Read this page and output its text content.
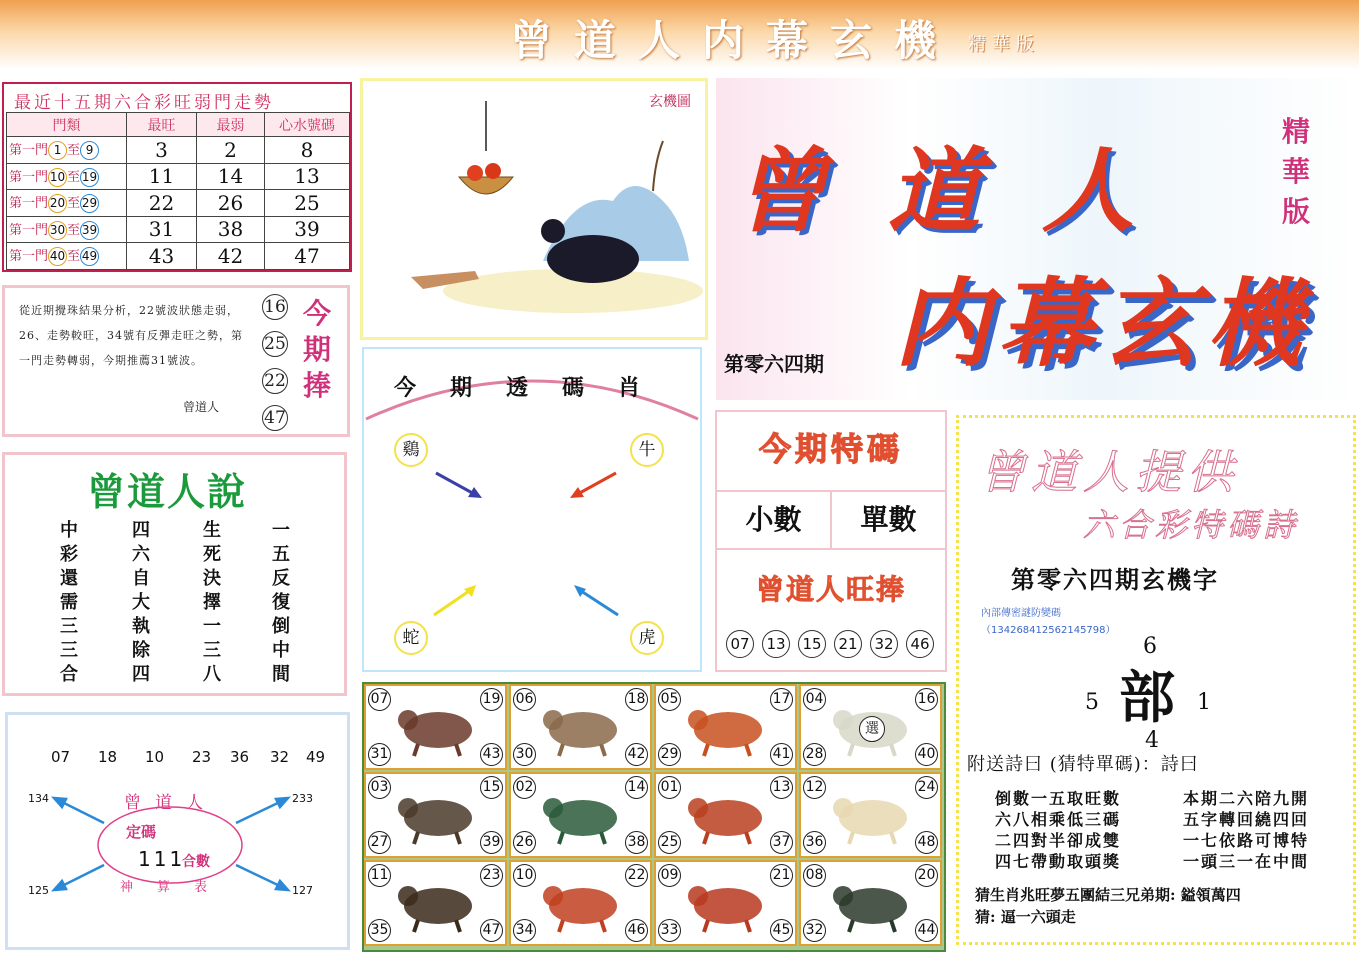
曾道人内幕玄機 精華版
最近十五期六合彩旺弱門走勢
門類	最旺	最弱	心水號碼
第一門 1 至 9	3	2	8
第一門 10 至 19	11	14	13
第一門 20 至 29	22	26	25
第一門 30 至 39	31	38	39
第一門 40 至 49	43	42	47
從近期攪珠結果分析，22號波狀態走弱，26、走勢較旺，34號有反彈走旺之勢，第一門走勢轉弱，今期推薦31號波。
曾道人
16
25
22
47
今期捧
曾道人說
中彩還需三三合
四六自大執除四
生死決擇一三八
一五反復倒中間
07 18 10 23 36 32 49
134	233
125	127
曾道人
神算表
定碼
111
合數
玄機圖
今期透碼肖
鷄	牛
蛇	虎
07	19
31	43
06	18
30	42
05	17
29	41
04	16
28	40
選
03	15
27	39
02	14
26	38
01	13
25	37
12	24
36	48
11	23
35	47
10	22
34	46
09	21
33	45
08	20
32	44
曾道人
内幕玄機
精華版
第零六四期
今期特碼
小數	單數
曾道人旺捧
07 13 15 21 32 46
曾道人提供
六合彩特碼詩
第零六四期玄機字
內部傳密謎防變碼
（134268412562145798）
6
5	1
4
部
附送詩曰 (猜特單碼)：詩曰
倒數一五取旺數
六八相乘低三碼
二四對半卻成雙
四七帶動取頭獎
本期二六陪九開
五字轉回繞四回
一七依路可博特
一頭三一在中間
猜生肖兆旺夢五團結三兄弟期: 鎰領萬四
猜: 逼一六頭走
